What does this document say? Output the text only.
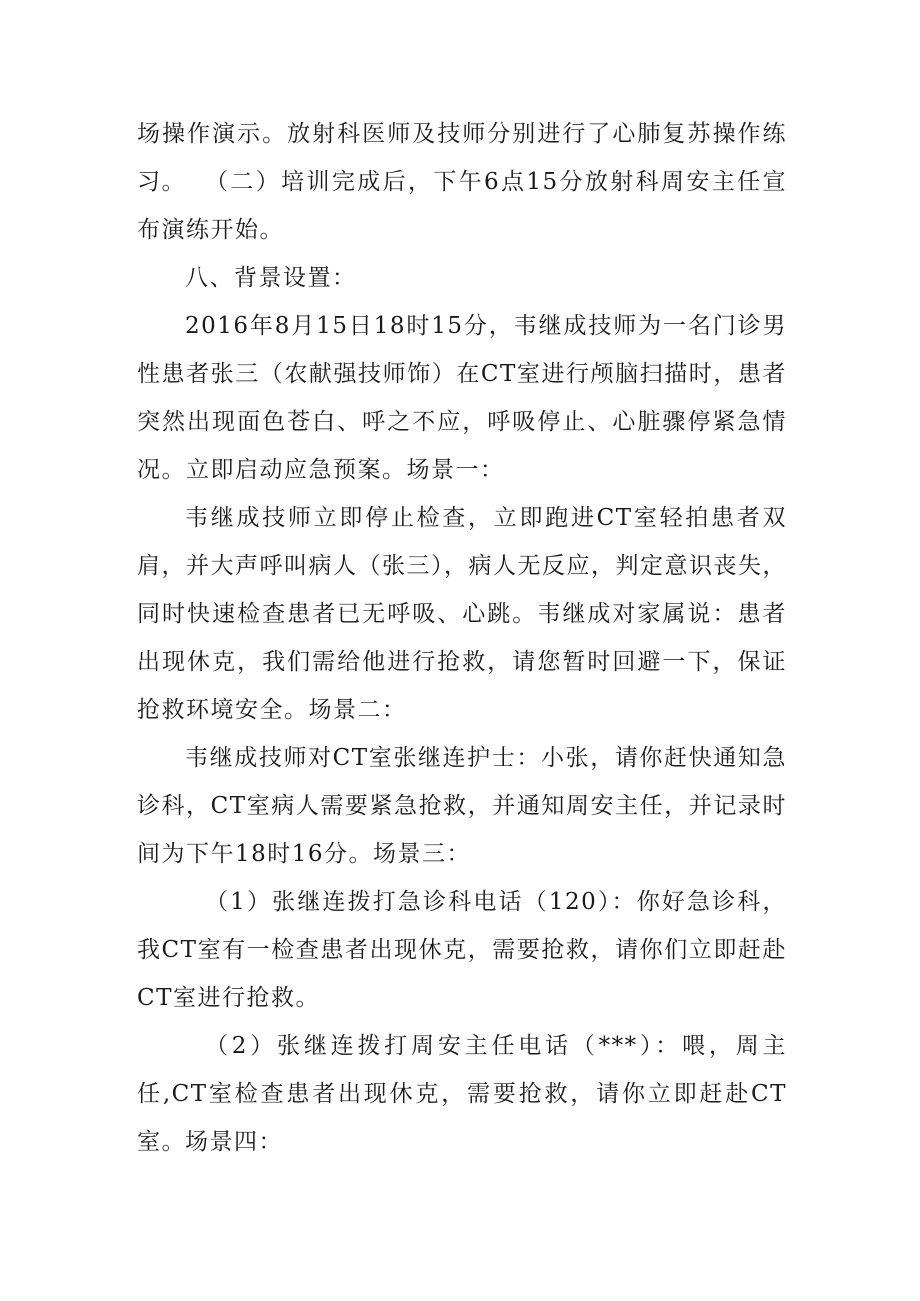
场操作演示。放射科医师及技师分别进行了心肺复苏操作练习。 （二）培训完成后，下午6点15分放射科周安主任宣布演练开始。

八、背景设置：

2016年8月15日18时15分，韦继成技师为一名门诊男性患者张三（农献强技师饰）在CT室进行颅脑扫描时，患者突然出现面色苍白、呼之不应，呼吸停止、心脏骤停紧急情况。立即启动应急预案。场景一：

韦继成技师立即停止检查，立即跑进CT室轻拍患者双肩，并大声呼叫病人（张三），病人无反应，判定意识丧失，同时快速检查患者已无呼吸、心跳。韦继成对家属说：患者出现休克，我们需给他进行抢救，请您暂时回避一下，保证抢救环境安全。场景二：

韦继成技师对CT室张继连护士：小张，请你赶快通知急诊科，CT室病人需要紧急抢救，并通知周安主任，并记录时间为下午18时16分。场景三：

（1）张继连拨打急诊科电话（120）：你好急诊科，我CT室有一检查患者出现休克，需要抢救，请你们立即赶赴CT室进行抢救。

（2）张继连拨打周安主任电话（***）：喂，周主任,CT室检查患者出现休克，需要抢救，请你立即赶赴CT室。 场景四：
